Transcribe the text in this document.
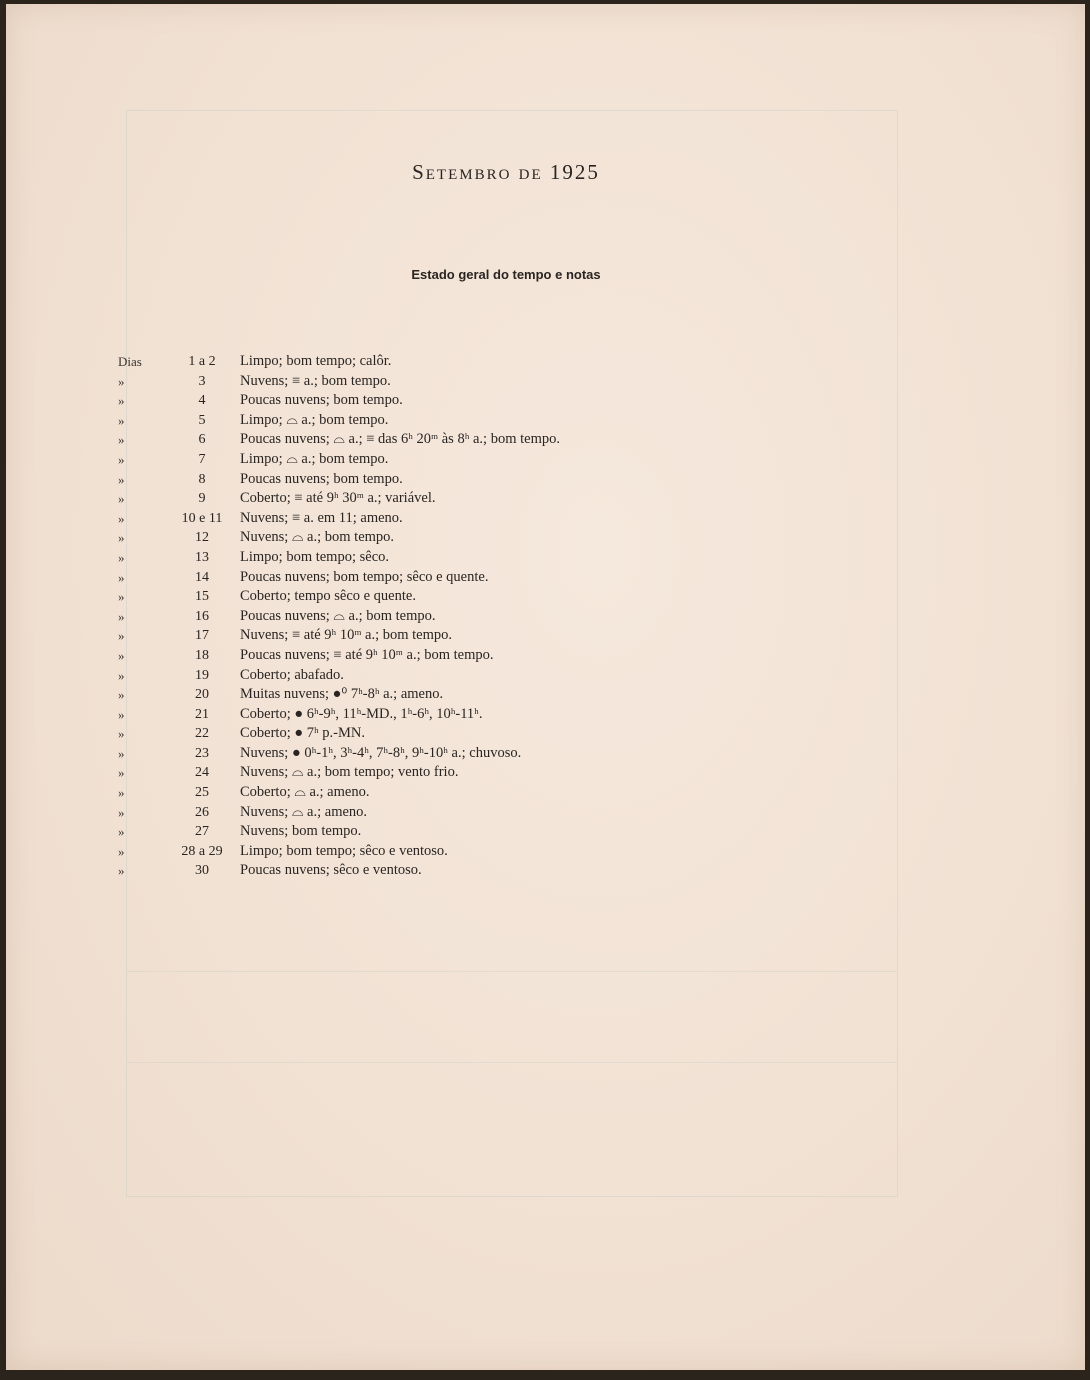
Setembro de 1925
Estado geral do tempo e notas
Dias	1 a 2	Limpo; bom tempo; calôr.
»	3	Nuvens; ≡ a.; bom tempo.
»	4	Poucas nuvens; bom tempo.
»	5	Limpo; ⌓ a.; bom tempo.
»	6	Poucas nuvens; ⌓ a.; ≡ das 6ʰ 20ᵐ às 8ʰ a.; bom tempo.
»	7	Limpo; ⌓ a.; bom tempo.
»	8	Poucas nuvens; bom tempo.
»	9	Coberto; ≡ até 9ʰ 30ᵐ a.; variável.
»	10 e 11	Nuvens; ≡ a. em 11; ameno.
»	12	Nuvens; ⌓ a.; bom tempo.
»	13	Limpo; bom tempo; sêco.
»	14	Poucas nuvens; bom tempo; sêco e quente.
»	15	Coberto; tempo sêco e quente.
»	16	Poucas nuvens; ⌓ a.; bom tempo.
»	17	Nuvens; ≡ até 9ʰ 10ᵐ a.; bom tempo.
»	18	Poucas nuvens; ≡ até 9ʰ 10ᵐ a.; bom tempo.
»	19	Coberto; abafado.
»	20	Muitas nuvens; ●⁰ 7ʰ-8ʰ a.; ameno.
»	21	Coberto; ● 6ʰ-9ʰ, 11ʰ-MD., 1ʰ-6ʰ, 10ʰ-11ʰ.
»	22	Coberto; ● 7ʰ p.-MN.
»	23	Nuvens; ● 0ʰ-1ʰ, 3ʰ-4ʰ, 7ʰ-8ʰ, 9ʰ-10ʰ a.; chuvoso.
»	24	Nuvens; ⌓ a.; bom tempo; vento frio.
»	25	Coberto; ⌓ a.; ameno.
»	26	Nuvens; ⌓ a.; ameno.
»	27	Nuvens; bom tempo.
»	28 a 29	Limpo; bom tempo; sêco e ventoso.
»	30	Poucas nuvens; sêco e ventoso.
